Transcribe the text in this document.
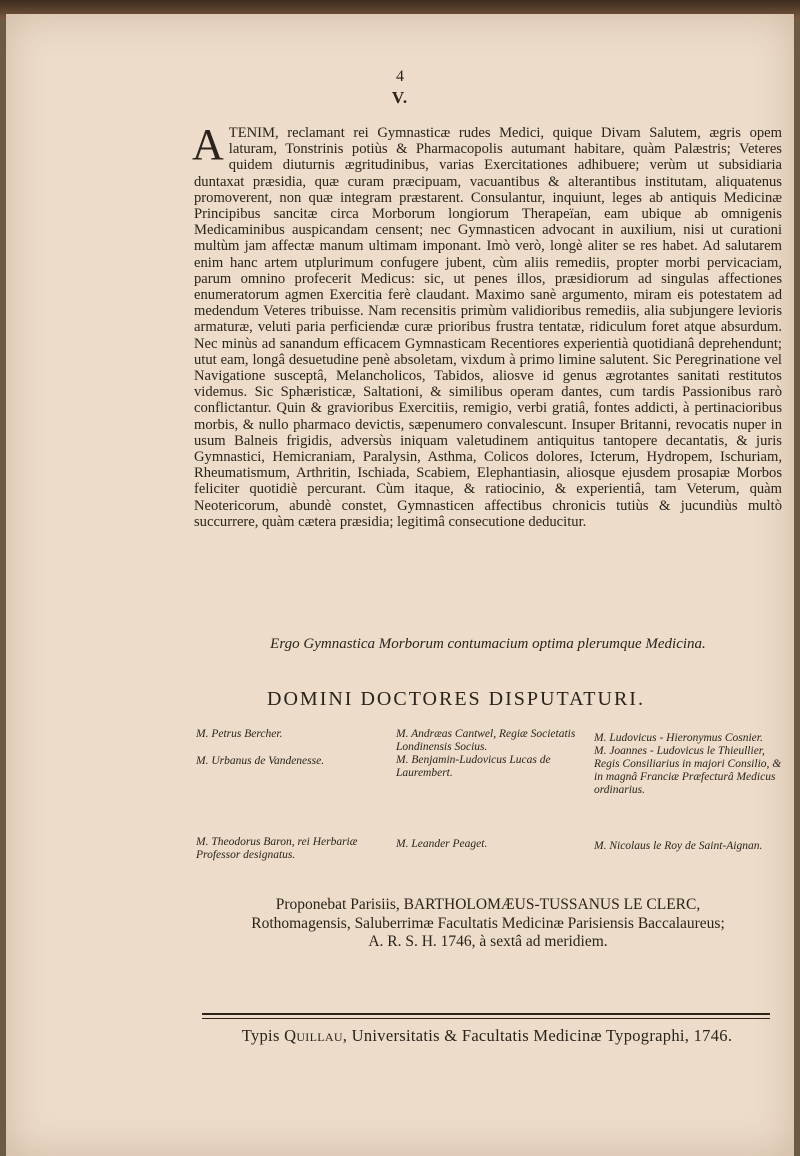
4
V.

ATENIM, reclamant rei Gymnasticæ rudes Medici, quique Divam Salutem, ægris opem laturam, Tonstrinis potiùs & Pharmacopolis autumant habitare, quàm Palæstris; Veteres quidem diuturnis ægritudinibus, varias Exercitationes adhibuere; verùm ut subsidiaria duntaxat præsidia, quæ curam præcipuam, vacuantibus & alterantibus institutam, aliquatenus promoverent, non quæ integram præstarent. Consulantur, inquiunt, leges ab antiquis Medicinæ Principibus sancitæ circa Morborum longiorum Therapeïan, eam ubique ab omnigenis Medicaminibus auspicandam censent; nec Gymnasticen advocant in auxilium, nisi ut curationi multùm jam affectæ manum ultimam imponant. Imò verò, longè aliter se res habet. Ad salutarem enim hanc artem utplurimum confugere jubent, cùm aliis remediis, propter morbi pervicaciam, parum omnino profecerit Medicus: sic, ut penes illos, præsidiorum ad singulas affectiones enumeratorum agmen Exercitia ferè claudant. Maximo sanè argumento, miram eis potestatem ad medendum Veteres tribuisse. Nam recensitis primùm validioribus remediis, alia subjungere levioris armaturæ, veluti paria perficiendæ curæ prioribus frustra tentatæ, ridiculum foret atque absurdum. Nec minùs ad sanandum efficacem Gymnasticam Recentiores experientià quotidianâ deprehendunt; utut eam, longâ desuetudine penè absoletam, vixdum à primo limine salutent. Sic Peregrinatione vel Navigatione susceptâ, Melancholicos, Tabidos, aliosve id genus ægrotantes sanitati restitutos videmus. Sic Sphæristicæ, Saltationi, & similibus operam dantes, cum tardis Passionibus rarò conflictantur. Quin & gravioribus Exercitiis, remigio, verbi gratiâ, fontes addicti, à pertinacioribus morbis, & nullo pharmaco devictis, sæpenumero convalescunt. Insuper Britanni, revocatis nuper in usum Balneis frigidis, adversùs iniquam valetudinem antiquitus tantopere decantatis, & juris Gymnastici, Hemicraniam, Paralysin, Asthma, Colicos dolores, Icterum, Hydropem, Ischuriam, Rheumatismum, Arthritin, Ischiada, Scabiem, Elephantiasin, aliosque ejusdem prosapiæ Morbos feliciter quotidiè percurant. Cùm itaque, & ratiocinio, & experientiâ, tam Veterum, quàm Neotericorum, abundè constet, Gymnasticen affectibus chronicis tutiùs & jucundiùs multò succurrere, quàm cætera præsidia; legitimâ consecutione deducitur.

Ergo Gymnastica Morborum contumacium optima plerumque Medicina.
DOMINI DOCTORES DISPUTATURI.
M. Petrus Bercher.
M. Urbanus de Vandenesse.
M. Andræas Cantwel, Regiæ Societatis Londinensis Socius.
M. Benjamin-Ludovicus Lucas de Laurembert.
M. Ludovicus - Hieronymus Cosnier.
M. Joannes - Ludovicus le Thieullier, Regis Consiliarius in majori Consilio, & in magnâ Franciæ Præfecturâ Medicus ordinarius.
M. Theodorus Baron, rei Herbariæ Professor designatus.
M. Leander Peaget.	M. Nicolaus le Roy de Saint-Aignan.
Proponebat Parisiis, BARTHOLOMÆUS-TUSSANUS LE CLERC,
Rothomagensis, Saluberrimæ Facultatis Medicinæ Parisiensis Baccalaureus;
A. R. S. H. 1746, à sextâ ad meridiem.
Typis Quillau, Universitatis & Facultatis Medicinæ Typographi, 1746.
